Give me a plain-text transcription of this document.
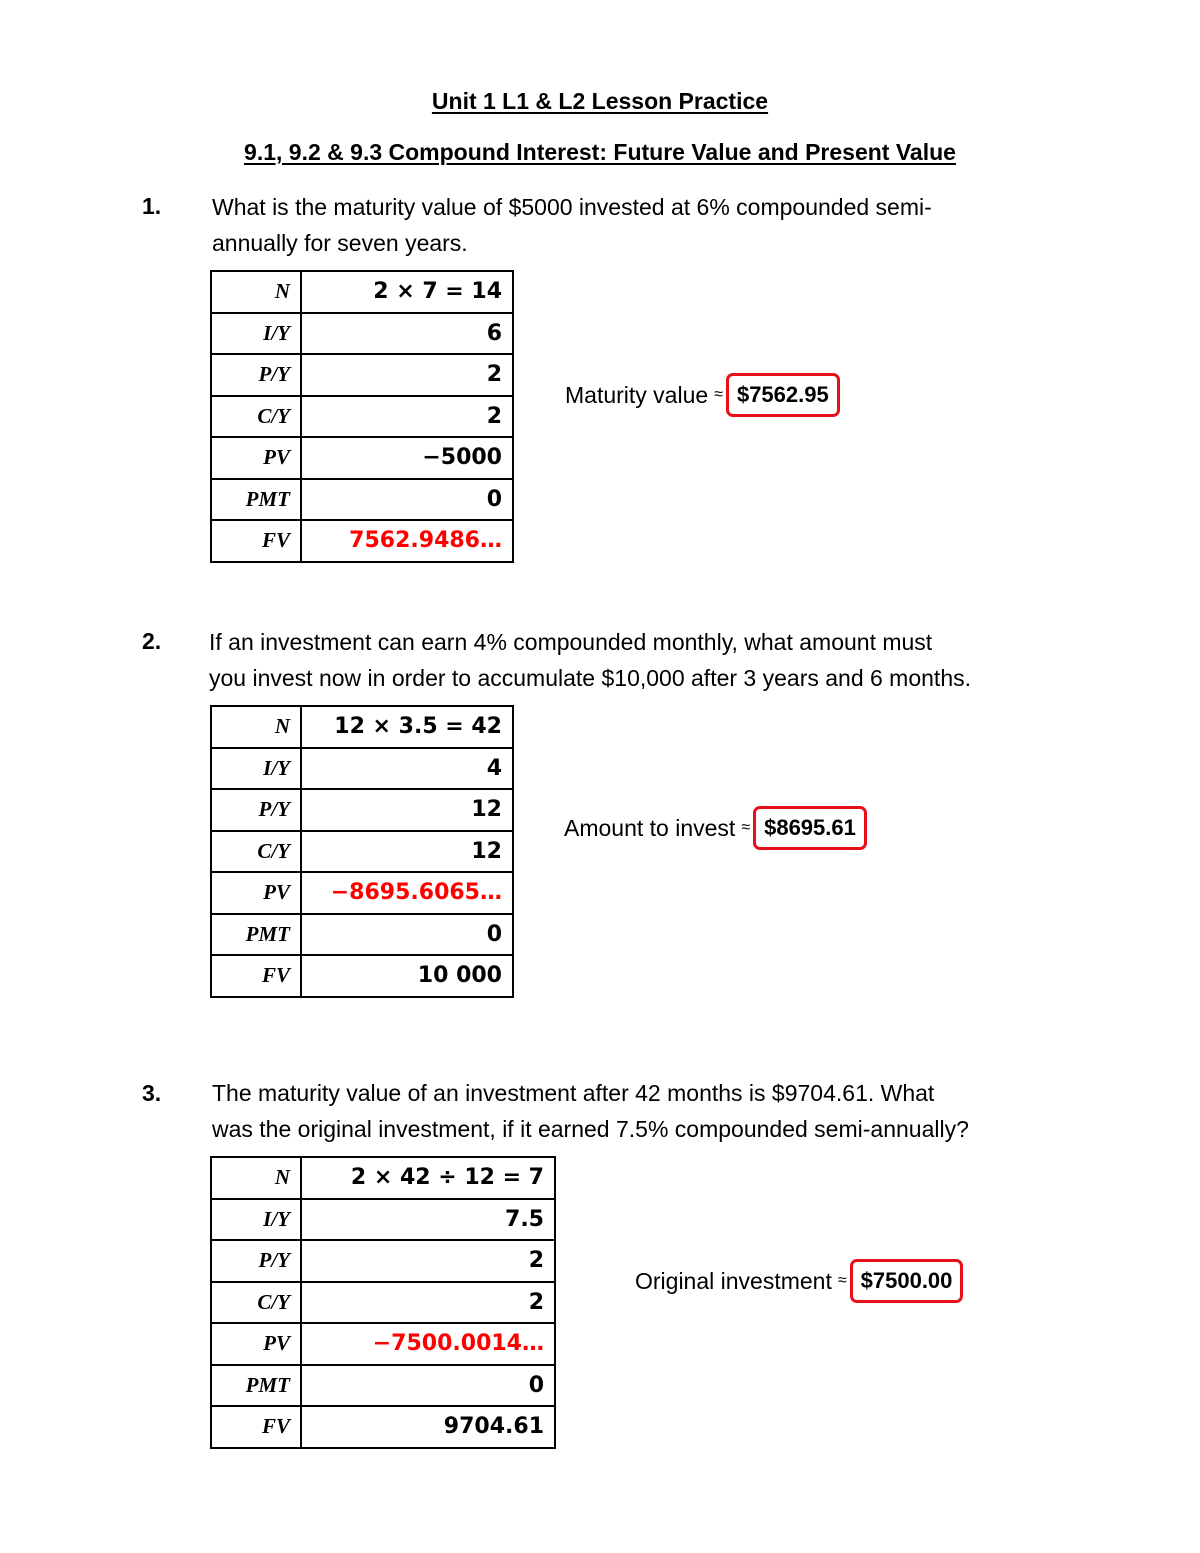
Unit 1 L1 & L2 Lesson Practice
9.1, 9.2 & 9.3 Compound Interest: Future Value and Present Value
1. What is the maturity value of $5000 invested at 6% compounded semi-
annually for seven years.
N	2 × 7 = 14
I/Y	6
P/Y	2
C/Y	2
PV	−5000
PMT	0
FV	7562.9486…
Maturity value ≈ $7562.95
2. If an investment can earn 4% compounded monthly, what amount must
you invest now in order to accumulate $10,000 after 3 years and 6 months.
N	12 × 3.5 = 42
I/Y	4
P/Y	12
C/Y	12
PV	−8695.6065…
PMT	0
FV	10 000
Amount to invest ≈ $8695.61
3. The maturity value of an investment after 42 months is $9704.61. What
was the original investment, if it earned 7.5% compounded semi-annually?
N	2 × 42 ÷ 12 = 7
I/Y	7.5
P/Y	2
C/Y	2
PV	−7500.0014…
PMT	0
FV	9704.61
Original investment ≈ $7500.00
